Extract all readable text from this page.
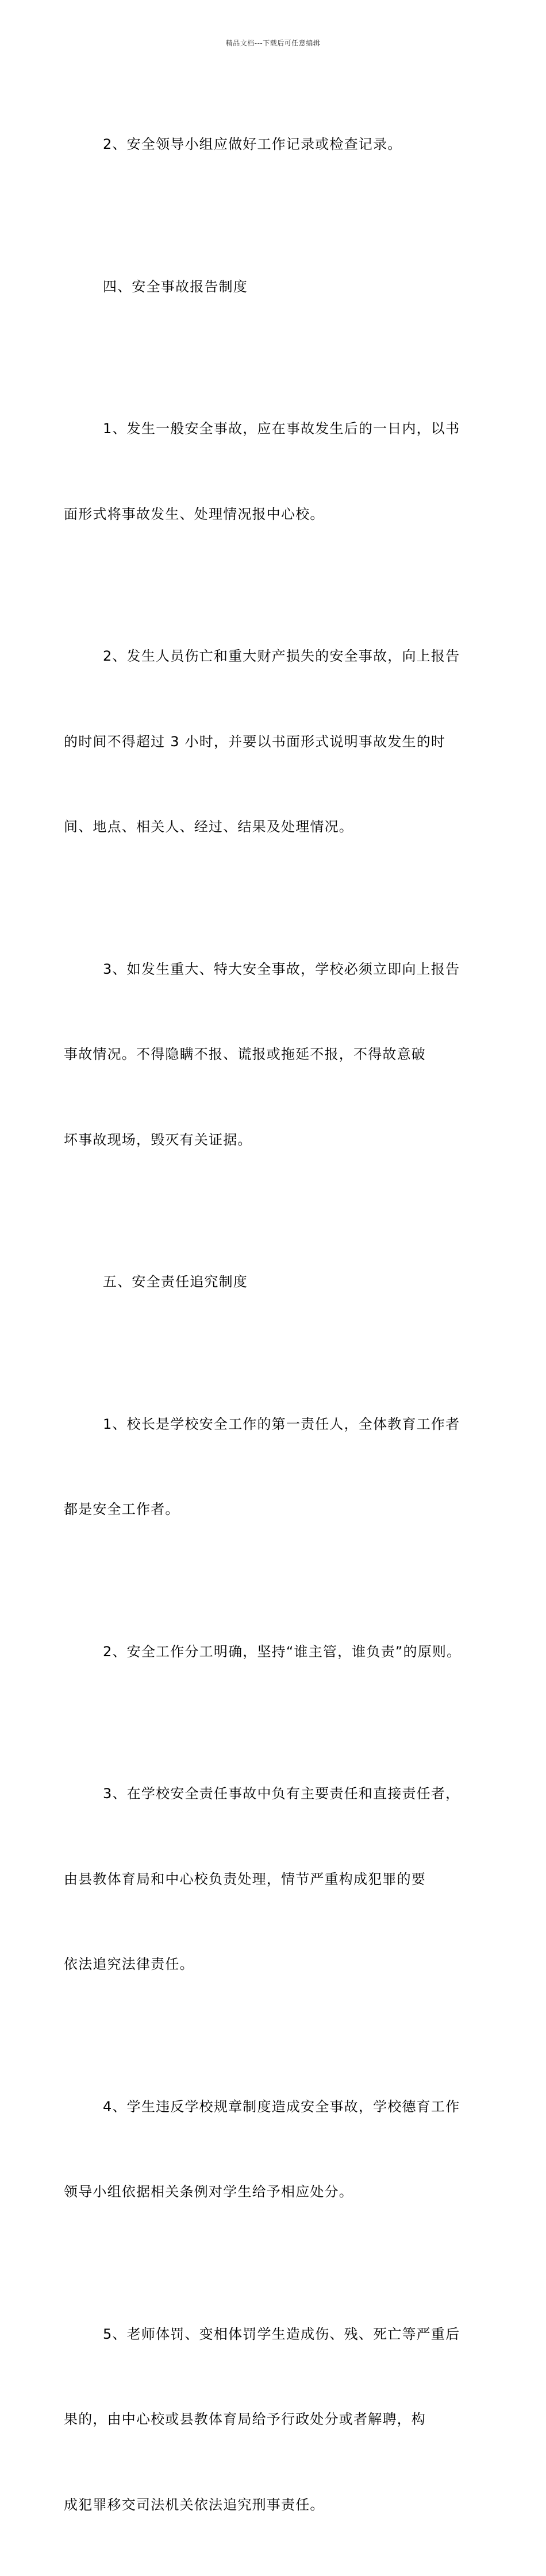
精品文档---下载后可任意编辑

2、安全领导小组应做好工作记录或检查记录。

四、安全事故报告制度

1、发生一般安全事故，应在事故发生后的一日内，以书

面形式将事故发生、处理情况报中心校。

2、发生人员伤亡和重大财产损失的安全事故，向上报告

的时间不得超过 3 小时，并要以书面形式说明事故发生的时

间、地点、相关人、经过、结果及处理情况。

3、如发生重大、特大安全事故，学校必须立即向上报告

事故情况。不得隐瞒不报、谎报或拖延不报，不得故意破

坏事故现场，毁灭有关证据。

五、安全责任追究制度

1、校长是学校安全工作的第一责任人，全体教育工作者

都是安全工作者。

2、安全工作分工明确，坚持“谁主管，谁负责”的原则。

3、在学校安全责任事故中负有主要责任和直接责任者，

由县教体育局和中心校负责处理，情节严重构成犯罪的要

依法追究法律责任。

4、学生违反学校规章制度造成安全事故，学校德育工作

领导小组依据相关条例对学生给予相应处分。

5、老师体罚、变相体罚学生造成伤、残、死亡等严重后

果的，由中心校或县教体育局给予行政处分或者解聘，构

成犯罪移交司法机关依法追究刑事责任。
